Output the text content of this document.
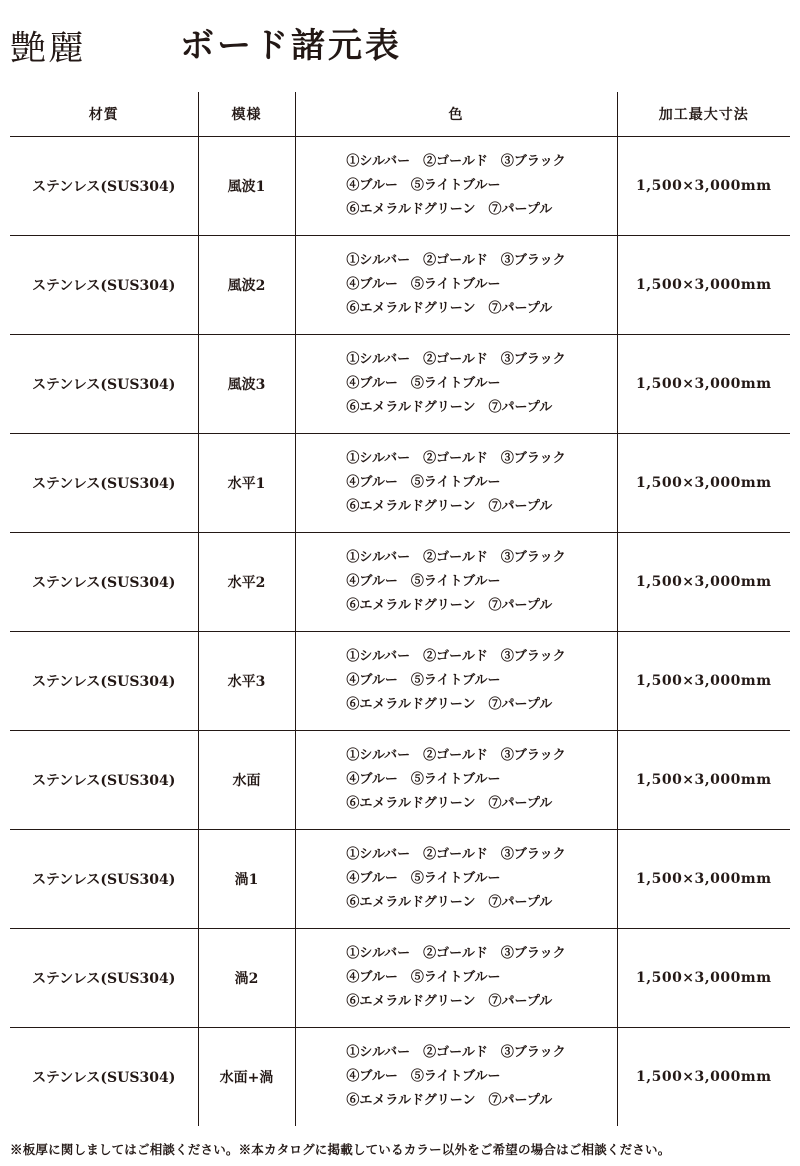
艶麗	ボード諸元表
材質	模様	色	加工最大寸法
ステンレス(SUS304)	風波1	①シルバー　②ゴールド　③ブラック
④ブルー　⑤ライトブルー
⑥エメラルドグリーン　⑦パープル	1,500×3,000mm
ステンレス(SUS304)	風波2	①シルバー　②ゴールド　③ブラック
④ブルー　⑤ライトブルー
⑥エメラルドグリーン　⑦パープル	1,500×3,000mm
ステンレス(SUS304)	風波3	①シルバー　②ゴールド　③ブラック
④ブルー　⑤ライトブルー
⑥エメラルドグリーン　⑦パープル	1,500×3,000mm
ステンレス(SUS304)	水平1	①シルバー　②ゴールド　③ブラック
④ブルー　⑤ライトブルー
⑥エメラルドグリーン　⑦パープル	1,500×3,000mm
ステンレス(SUS304)	水平2	①シルバー　②ゴールド　③ブラック
④ブルー　⑤ライトブルー
⑥エメラルドグリーン　⑦パープル	1,500×3,000mm
ステンレス(SUS304)	水平3	①シルバー　②ゴールド　③ブラック
④ブルー　⑤ライトブルー
⑥エメラルドグリーン　⑦パープル	1,500×3,000mm
ステンレス(SUS304)	水面	①シルバー　②ゴールド　③ブラック
④ブルー　⑤ライトブルー
⑥エメラルドグリーン　⑦パープル	1,500×3,000mm
ステンレス(SUS304)	渦1	①シルバー　②ゴールド　③ブラック
④ブルー　⑤ライトブルー
⑥エメラルドグリーン　⑦パープル	1,500×3,000mm
ステンレス(SUS304)	渦2	①シルバー　②ゴールド　③ブラック
④ブルー　⑤ライトブルー
⑥エメラルドグリーン　⑦パープル	1,500×3,000mm
ステンレス(SUS304)	水面+渦	①シルバー　②ゴールド　③ブラック
④ブルー　⑤ライトブルー
⑥エメラルドグリーン　⑦パープル	1,500×3,000mm
※板厚に関しましてはご相談ください。※本カタログに掲載しているカラー以外をご希望の場合はご相談ください。
